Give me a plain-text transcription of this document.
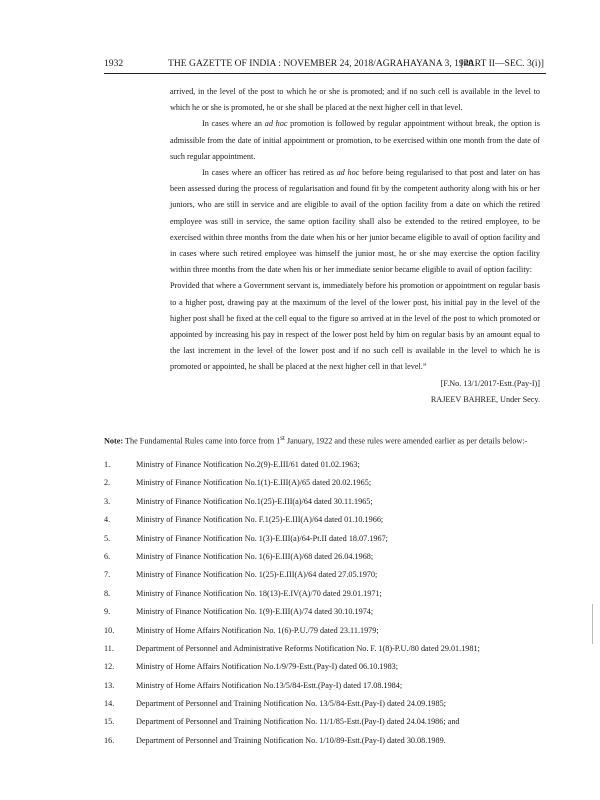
1932	THE GAZETTE OF INDIA : NOVEMBER 24, 2018/AGRAHAYANA 3, 1940
[PART II—SEC. 3(i)]

arrived, in the level of the post to which he or she is promoted; and if no such cell is available in the level to which he or she is promoted, he or she shall be placed at the next higher cell in that level.

In cases where an ad hoc promotion is followed by regular appointment without break, the option is admissible from the date of initial appointment or promotion, to be exercised within one month from the date of such regular appointment.

In cases where an officer has retired as ad hoc before being regularised to that post and later on has been assessed during the process of regularisation and found fit by the competent authority along with his or her juniors, who are still in service and are eligible to avail of the option facility from a date on which the retired employee was still in service, the same option facility shall also be extended to the retired employee, to be exercised within three months from the date when his or her junior became eligible to avail of option facility and in cases where such retired employee was himself the junior most, he or she may exercise the option facility within three months from the date when his or her immediate senior became eligible to avail of option facility:

Provided that where a Government servant is, immediately before his promotion or appointment on regular basis to a higher post, drawing pay at the maximum of the level of the lower post, his initial pay in the level of the higher post shall be fixed at the cell equal to the figure so arrived at in the level of the post to which promoted or appointed by increasing his pay in respect of the lower post held by him on regular basis by an amount equal to the last increment in the level of the lower post and if no such cell is available in the level to which he is promoted or appointed, he shall be placed at the next higher cell in that level.”

[F.No. 13/1/2017-Estt.(Pay-I)]

RAJEEV BAHREE, Under Secy.

Note: The Fundamental Rules came into force from 1st January, 1922 and these rules were amended earlier as per details below:-
1.	Ministry of Finance Notification No.2(9)-E.III/61 dated 01.02.1963;
2.	Ministry of Finance Notification No.1(1)-E.III(A)/65 dated 20.02.1965;
3.	Ministry of Finance Notification No.1(25)-E.III(a)/64 dated 30.11.1965;
4.	Ministry of Finance Notification No. F.1(25)-E.III(A)/64 dated 01.10.1966;
5.	Ministry of Finance Notification No. 1(3)-E.III(a)/64-Pt.II dated 18.07.1967;
6.	Ministry of Finance Notification No. 1(6)-E.III(A)/68 dated 26.04.1968;
7.	Ministry of Finance Notification No. 1(25)-E.III(A)/64 dated 27.05.1970;
8.	Ministry of Finance Notification No. 18(13)-E.IV(A)/70 dated 29.01.1971;
9.	Ministry of Finance Notification No. 1(9)-E.III(A)/74 dated 30.10.1974;
10.	Ministry of Home Affairs Notification No. 1(6)-P.U./79 dated 23.11.1979;
11.	Department of Personnel and Administrative Reforms Notification No. F. 1(8)-P.U./80 dated 29.01.1981;
12.	Ministry of Home Affairs Notification No.1/9/79-Estt.(Pay-I) dated 06.10.1983;
13.	Ministry of Home Affairs Notification No.13/5/84-Estt.(Pay-I) dated 17.08.1984;
14.	Department of Personnel and Training Notification No. 13/5/84-Estt.(Pay-I) dated 24.09.1985;
15.	Department of Personnel and Training Notification No. 11/1/85-Estt.(Pay-I) dated 24.04.1986; and
16.	Department of Personnel and Training Notification No. 1/10/89-Estt.(Pay-I) dated 30.08.1989.
